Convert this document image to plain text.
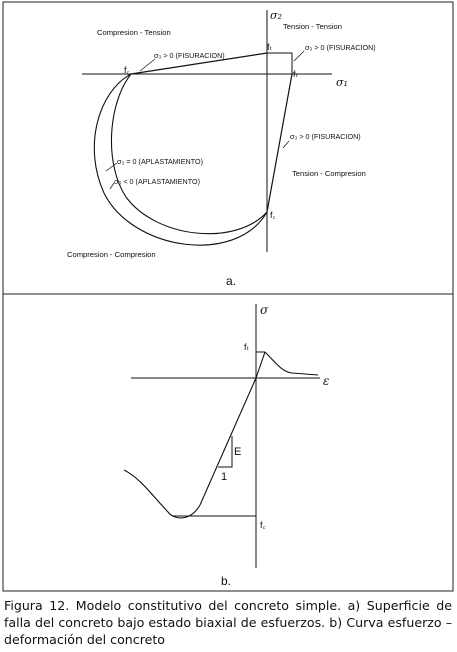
σ₂
σ₁
Compresion - Tension
Tension - Tension
Tension - Compresion
Compresion - Compresion
σ₃ > 0 (FISURACION)
σ₃ > 0 (FISURACION)
σ₃ > 0 (FISURACION)
σ₃ = 0 (APLASTAMIENTO)
σ₃ < 0 (APLASTAMIENTO)
f꜀
fₜ
fₜ
f꜀
a.
σ
ε
fₜ
f꜀
E
1
b.
Figura 12. Modelo constitutivo del concreto simple. a) Superficie de falla del concreto bajo estado biaxial de esfuerzos. b) Curva esfuerzo – deformación del concreto
